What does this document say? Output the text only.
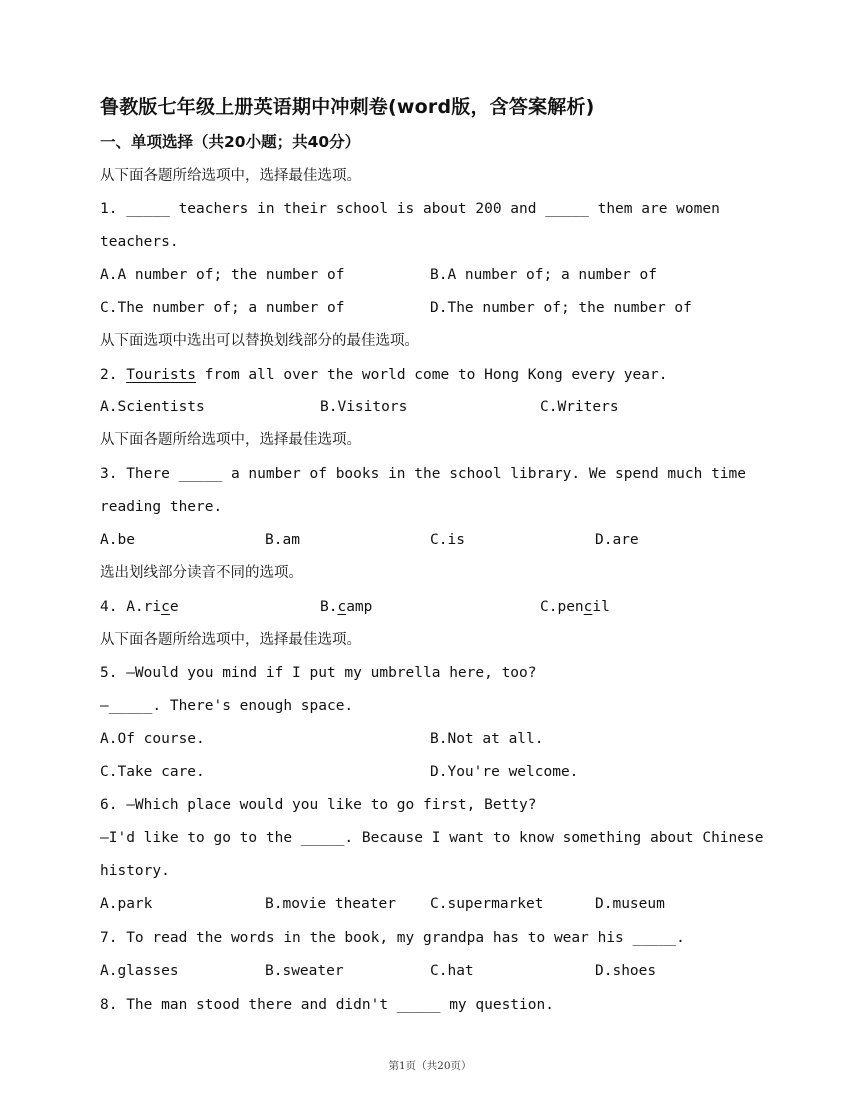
鲁教版七年级上册英语期中冲刺卷(word版，含答案解析)
一、单项选择（共20小题；共40分）
从下面各题所给选项中，选择最佳选项。
1. _____ teachers in their school is about 200 and _____ them are women
teachers.
A.A number of; the number of	B.A number of; a number of
C.The number of; a number of	D.The number of; the number of
从下面选项中选出可以替换划线部分的最佳选项。
2. Tourists from all over the world come to Hong Kong every year.
A.Scientists	B.Visitors	C.Writers
从下面各题所给选项中，选择最佳选项。
3. There _____ a number of books in the school library. We spend much time
reading there.
A.be	B.am	C.is	D.are
选出划线部分读音不同的选项。
4. A.rice	B.camp	C.pencil
从下面各题所给选项中，选择最佳选项。
5. —Would you mind if I put my umbrella here, too?
—_____. There's enough space.
A.Of course.	B.Not at all.
C.Take care.	D.You're welcome.
6. —Which place would you like to go first, Betty?
—I'd like to go to the _____. Because I want to know something about Chinese
history.
A.park	B.movie theater C.supermarket	D.museum
7. To read the words in the book, my grandpa has to wear his _____.
A.glasses	B.sweater	C.hat	D.shoes
8. The man stood there and didn't _____ my question.
第1页（共20页）
